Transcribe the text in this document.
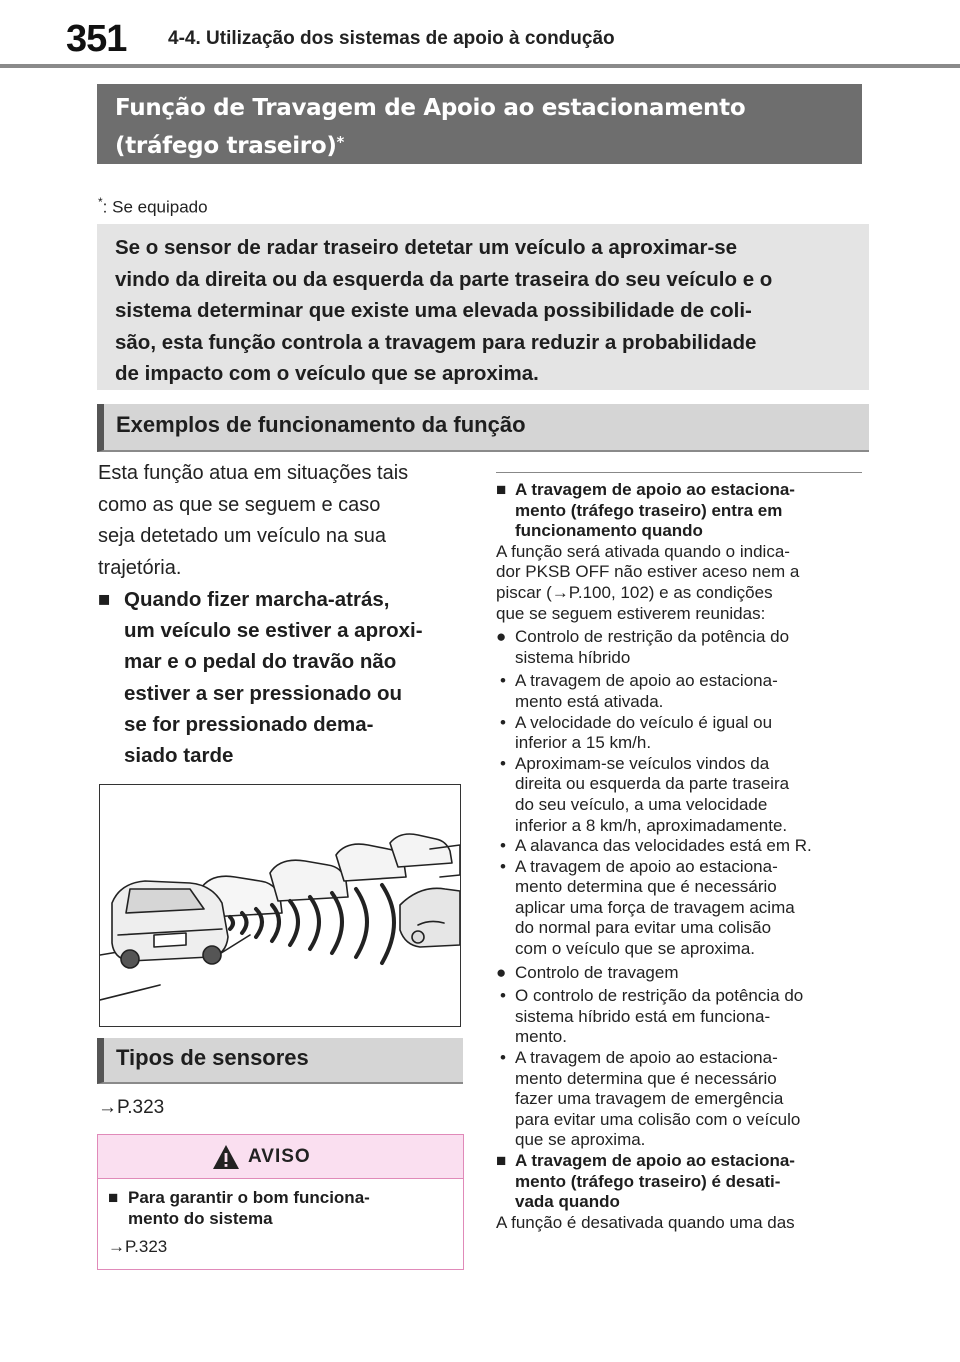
351 4-4. Utilização dos sistemas de apoio à condução
Função de Travagem de Apoio ao estacionamento
(tráfego traseiro)*
*: Se equipado

Se o sensor de radar traseiro detetar um veículo a aproximar-se

vindo da direita ou da esquerda da parte traseira do seu veículo e o

sistema determinar que existe uma elevada possibilidade de coli-

são, esta função controla a travagem para reduzir a probabilidade

de impacto com o veículo que se aproxima.

Exemplos de funcionamento da função
Esta função atua em situações tais
como as que se seguem e caso
seja detetado um veículo na sua
trajetória.
■ Quando fizer marcha-atrás,
um veículo se estiver a aproxi-
mar e o pedal do travão não
estiver a ser pressionado ou
se for pressionado dema-
siado tarde
Tipos de sensores
→P.323
AVISO
■ Para garantir o bom funciona-
mento do sistema
→P.323
■ A travagem de apoio ao estaciona-

mento (tráfego traseiro) entra em

funcionamento quando

A função será ativada quando o indica-

dor PKSB OFF não estiver aceso nem a

piscar (→P.100, 102) e as condições

que se seguem estiverem reunidas:

● Controlo de restrição da potência do

sistema híbrido

• A travagem de apoio ao estaciona-

mento está ativada.

• A velocidade do veículo é igual ou

inferior a 15 km/h.

• Aproximam-se veículos vindos da

direita ou esquerda da parte traseira

do seu veículo, a uma velocidade

inferior a 8 km/h, aproximadamente.

• A alavanca das velocidades está em R.

• A travagem de apoio ao estaciona-

mento determina que é necessário

aplicar uma força de travagem acima

do normal para evitar uma colisão

com o veículo que se aproxima.

● Controlo de travagem

• O controlo de restrição da potência do

sistema híbrido está em funciona-

mento.

• A travagem de apoio ao estaciona-

mento determina que é necessário

fazer uma travagem de emergência

para evitar uma colisão com o veículo

que se aproxima.

■ A travagem de apoio ao estaciona-

mento (tráfego traseiro) é desati-

vada quando

A função é desativada quando uma das
